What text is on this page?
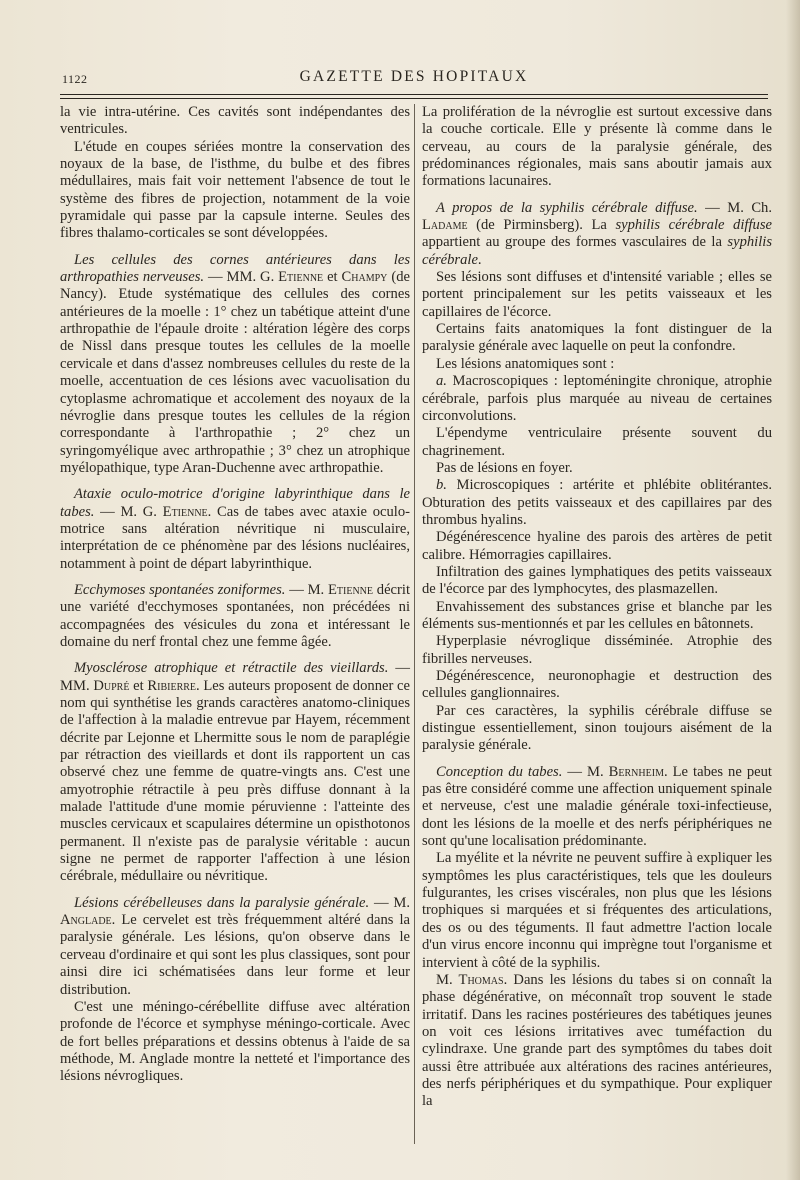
1122	GAZETTE DES HOPITAUX

la vie intra-utérine. Ces cavités sont indépendantes des ventricules.

L'étude en coupes sériées montre la conservation des noyaux de la base, de l'isthme, du bulbe et des fibres médullaires, mais fait voir nettement l'absence de tout le système des fibres de projection, notamment de la voie pyramidale qui passe par la capsule interne. Seules des fibres thalamo-corticales se sont développées.

Les cellules des cornes antérieures dans les arthropathies nerveuses. — MM. G. Etienne et Champy (de Nancy). Etude systématique des cellules des cornes antérieures de la moelle : 1° chez un tabétique atteint d'une arthropathie de l'épaule droite : altération légère des corps de Nissl dans presque toutes les cellules de la moelle cervicale et dans d'assez nombreuses cellules du reste de la moelle, accentuation de ces lésions avec vacuolisation du cytoplasme achromatique et accolement des noyaux de la névroglie dans presque toutes les cellules de la région correspondante à l'arthropathie ; 2° chez un syringomyélique avec arthropathie ; 3° chez un atrophique myélopathique, type Aran-Duchenne avec arthropathie.

Ataxie oculo-motrice d'origine labyrinthique dans le tabes. — M. G. Etienne. Cas de tabes avec ataxie oculo-motrice sans altération névritique ni musculaire, interprétation de ce phénomène par des lésions nucléaires, notamment à point de départ labyrinthique.

Ecchymoses spontanées zoniformes. — M. Etienne décrit une variété d'ecchymoses spontanées, non précédées ni accompagnées des vésicules du zona et intéressant le domaine du nerf frontal chez une femme âgée.

Myosclérose atrophique et rétractile des vieillards. — MM. Dupré et Ribierre. Les auteurs proposent de donner ce nom qui synthétise les grands caractères anatomo-cliniques de l'affection à la maladie entrevue par Hayem, récemment décrite par Lejonne et Lhermitte sous le nom de paraplégie par rétraction des vieillards et dont ils rapportent un cas observé chez une femme de quatre-vingts ans. C'est une amyotrophie rétractile à peu près diffuse donnant à la malade l'attitude d'une momie péruvienne : l'atteinte des muscles cervicaux et scapulaires détermine un opisthotonos permanent. Il n'existe pas de paralysie véritable : aucun signe ne permet de rapporter l'affection à une lésion cérébrale, médullaire ou névritique.

Lésions cérébelleuses dans la paralysie générale. — M. Anglade. Le cervelet est très fréquemment altéré dans la paralysie générale. Les lésions, qu'on observe dans le cerveau d'ordinaire et qui sont les plus classiques, sont pour ainsi dire ici schématisées dans leur forme et leur distribution.

C'est une méningo-cérébellite diffuse avec altération profonde de l'écorce et symphyse méningo-corticale. Avec de fort belles préparations et dessins obtenus à l'aide de sa méthode, M. Anglade montre la netteté et l'importance des lésions névrogliques.

La prolifération de la névroglie est surtout excessive dans la couche corticale. Elle y présente là comme dans le cerveau, au cours de la paralysie générale, des prédominances régionales, mais sans aboutir jamais aux formations lacunaires.

A propos de la syphilis cérébrale diffuse. — M. Ch. Ladame (de Pirminsberg). La syphilis cérébrale diffuse appartient au groupe des formes vasculaires de la syphilis cérébrale.

Ses lésions sont diffuses et d'intensité variable ; elles se portent principalement sur les petits vaisseaux et les capillaires de l'écorce.

Certains faits anatomiques la font distinguer de la paralysie générale avec laquelle on peut la confondre.

Les lésions anatomiques sont :

a. Macroscopiques : leptoméningite chronique, atrophie cérébrale, parfois plus marquée au niveau de certaines circonvolutions.

L'épendyme ventriculaire présente souvent du chagrinement.

Pas de lésions en foyer.

b. Microscopiques : artérite et phlébite oblitérantes. Obturation des petits vaisseaux et des capillaires par des thrombus hyalins.

Dégénérescence hyaline des parois des artères de petit calibre. Hémorragies capillaires.

Infiltration des gaines lymphatiques des petits vaisseaux de l'écorce par des lymphocytes, des plasmazellen.

Envahissement des substances grise et blanche par les éléments sus-mentionnés et par les cellules en bâtonnets.

Hyperplasie névroglique disséminée. Atrophie des fibrilles nerveuses.

Dégénérescence, neuronophagie et destruction des cellules ganglionnaires.

Par ces caractères, la syphilis cérébrale diffuse se distingue essentiellement, sinon toujours aisément de la paralysie générale.

Conception du tabes. — M. Bernheim. Le tabes ne peut pas être considéré comme une affection uniquement spinale et nerveuse, c'est une maladie générale toxi-infectieuse, dont les lésions de la moelle et des nerfs périphériques ne sont qu'une localisation prédominante.

La myélite et la névrite ne peuvent suffire à expliquer les symptômes les plus caractéristiques, tels que les douleurs fulgurantes, les crises viscérales, non plus que les lésions trophiques si marquées et si fréquentes des articulations, des os ou des téguments. Il faut admettre l'action locale d'un virus encore inconnu qui imprègne tout l'organisme et intervient à côté de la syphilis.

M. Thomas. Dans les lésions du tabes si on connaît la phase dégénérative, on méconnaît trop souvent le stade irritatif. Dans les racines postérieures des tabétiques jeunes on voit ces lésions irritatives avec tuméfaction du cylindraxe. Une grande part des symptômes du tabes doit aussi être attribuée aux altérations des racines antérieures, des nerfs périphériques et du sympathique. Pour expliquer la
